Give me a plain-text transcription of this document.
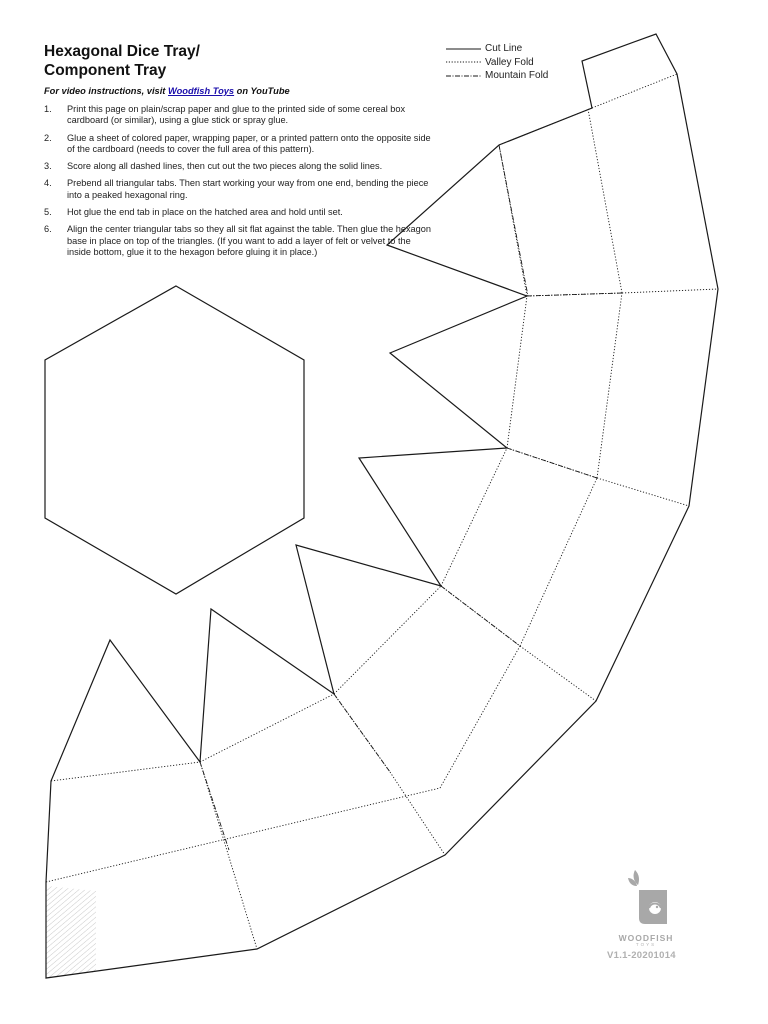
Hexagonal Dice Tray/
Component Tray

For video instructions, visit Woodfish Toys on YouTube

1.	Print this page on plain/scrap paper and glue to the printed side of some cereal box cardboard (or similar), using a glue stick or spray glue.
2.	Glue a sheet of colored paper, wrapping paper, or a printed pattern onto the opposite side of the cardboard (needs to cover the full area of this pattern).
3.	Score along all dashed lines, then cut out the two pieces along the solid lines.
4.	Prebend all triangular tabs. Then start working your way from one end, bending the piece into a peaked hexagonal ring.
5.	Hot glue the end tab in place on the hatched area and hold until set.
6.	Align the center triangular tabs so they all sit flat against the table. Then glue the hexagon base in place on top of the triangles. (If you want to add a layer of felt or velvet to the inside bottom, glue it to the hexagon before gluing it in place.)
Cut Line
Valley Fold
Mountain Fold
WOODFISH
TOYS
V1.1-20201014
